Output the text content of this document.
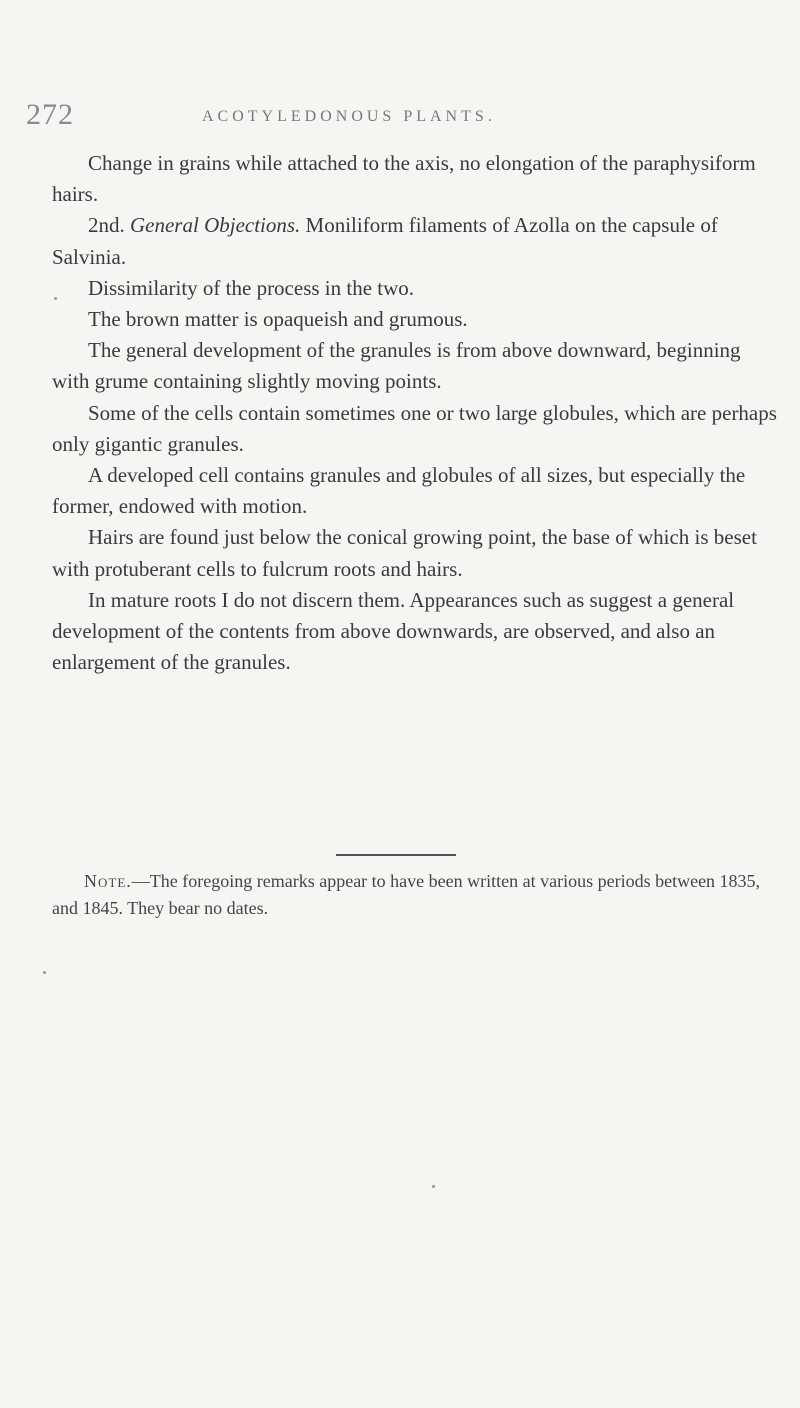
272	ACOTYLEDONOUS PLANTS.

Change in grains while attached to the axis, no elongation of the paraphysiform hairs.

2nd. General Objections. Moniliform filaments of Azolla on the capsule of Salvinia.

Dissimilarity of the process in the two.

The brown matter is opaqueish and grumous.

The general development of the granules is from above downward, beginning with grume containing slightly moving points.

Some of the cells contain sometimes one or two large globules, which are perhaps only gigantic granules.

A developed cell contains granules and globules of all sizes, but especially the former, endowed with motion.

Hairs are found just below the conical growing point, the base of which is beset with protuberant cells to fulcrum roots and hairs.

In mature roots I do not discern them. Appearances such as suggest a general development of the contents from above downwards, are observed, and also an enlargement of the granules.

Note.—The foregoing remarks appear to have been written at various periods between 1835, and 1845. They bear no dates.
